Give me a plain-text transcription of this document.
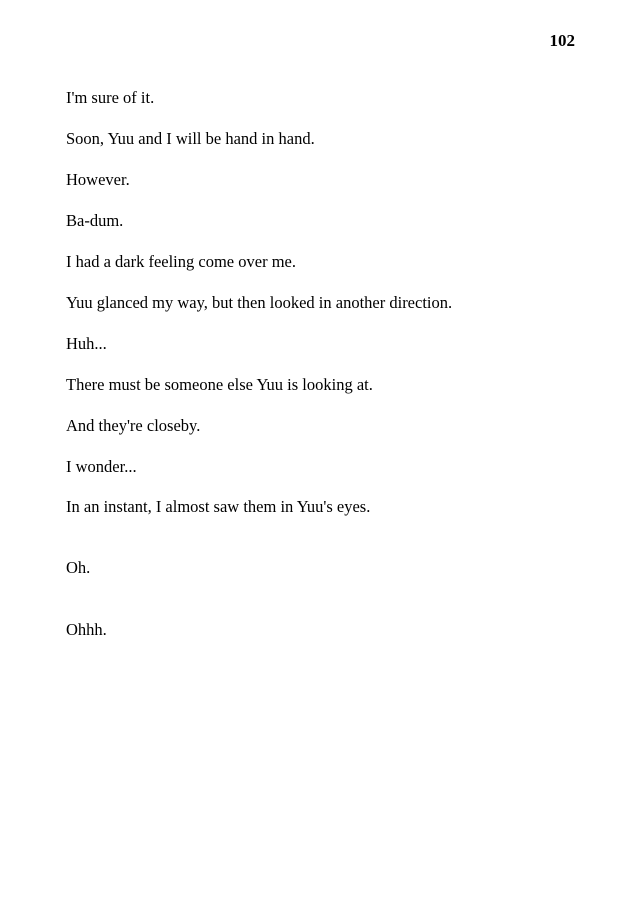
102
I'm sure of it.
Soon, Yuu and I will be hand in hand.
However.
Ba-dum.
I had a dark feeling come over me.
Yuu glanced my way, but then looked in another direction.
Huh...
There must be someone else Yuu is looking at.
And they're closeby.
I wonder...
In an instant, I almost saw them in Yuu's eyes.
Oh.
Ohhh.
